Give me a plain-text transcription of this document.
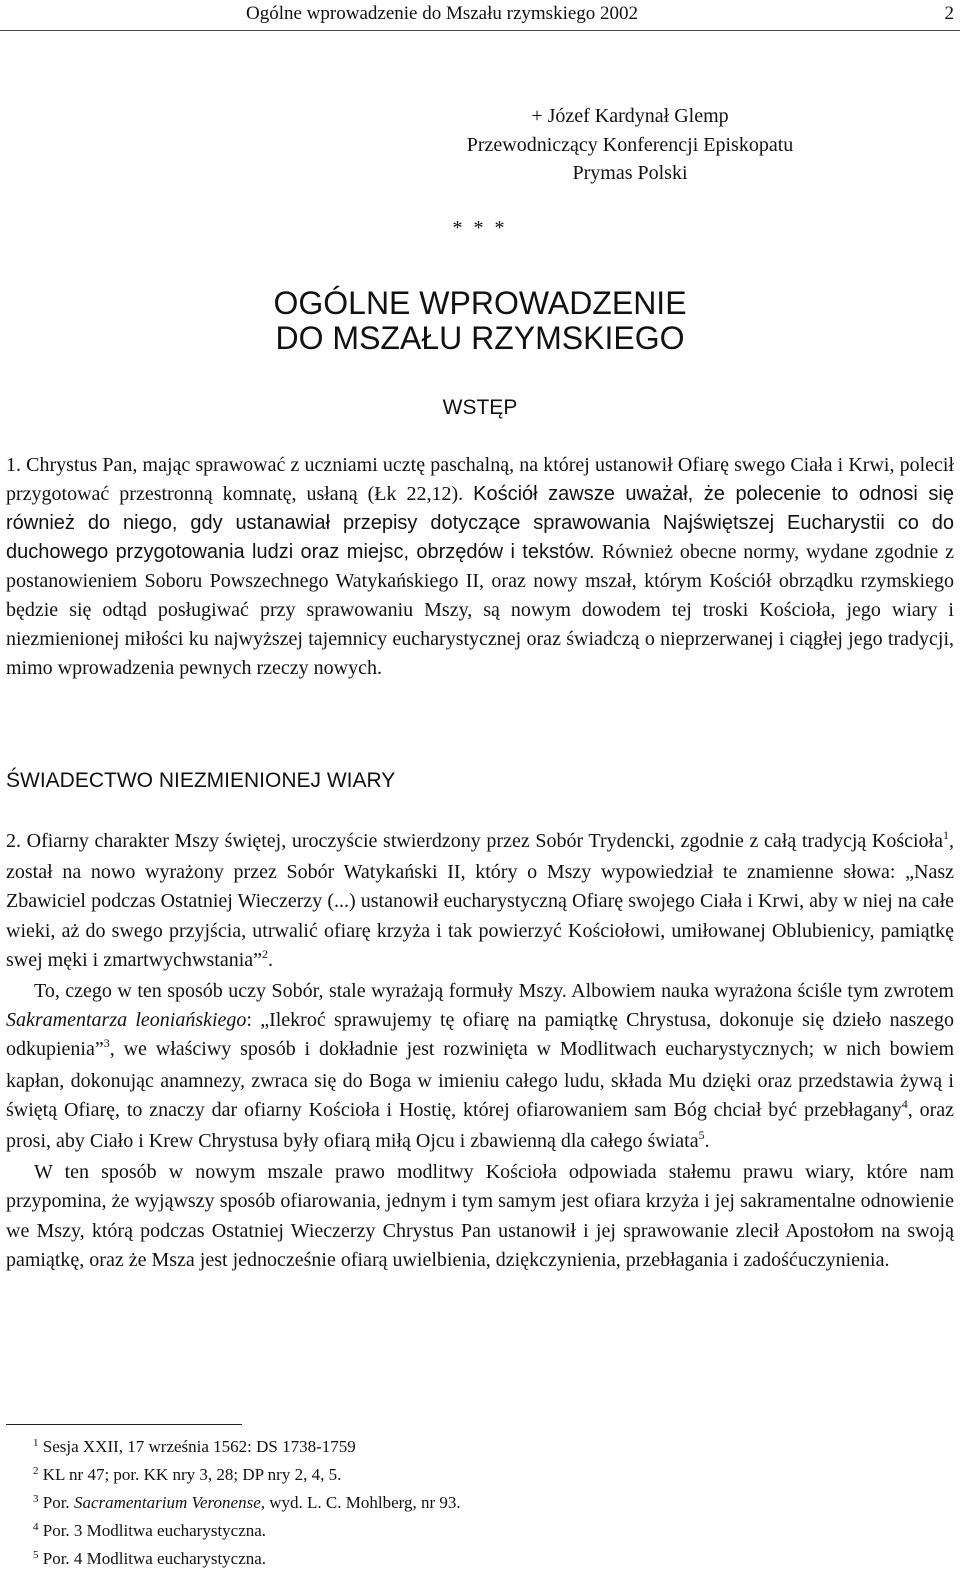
Ogólne wprowadzenie do Mszału rzymskiego 2002	2
+ Józef Kardynał Glemp
Przewodniczący Konferencji Episkopatu
Prymas Polski
* * *
OGÓLNE WPROWADZENIE
DO MSZAŁU RZYMSKIEGO
WSTĘP
1. Chrystus Pan, mając sprawować z uczniami ucztę paschalną, na której ustanowił Ofiarę swego Ciała i Krwi, polecił przygotować przestronną komnatę, usłaną (Łk 22,12). Kościół zawsze uważał, że polecenie to odnosi się również do niego, gdy ustanawiał przepisy dotyczące sprawowania Najświętszej Eucharystii co do duchowego przygotowania ludzi oraz miejsc, obrzędów i tekstów. Również obecne normy, wydane zgodnie z postanowieniem Soboru Powszechnego Watykańskiego II, oraz nowy mszał, którym Kościół obrządku rzymskiego będzie się odtąd posługiwać przy sprawowaniu Mszy, są nowym dowodem tej troski Kościoła, jego wiary i niezmienionej miłości ku najwyższej tajemnicy eucharystycznej oraz świadczą o nieprzerwanej i ciągłej jego tradycji, mimo wprowadzenia pewnych rzeczy nowych.
ŚWIADECTWO NIEZMIENIONEJ WIARY

2. Ofiarny charakter Mszy świętej, uroczyście stwierdzony przez Sobór Trydencki, zgodnie z całą tradycją Kościoła$^1$, został na nowo wyrażony przez Sobór Watykański II, który o Mszy wypowiedział te znamienne słowa: „Nasz Zbawiciel podczas Ostatniej Wieczerzy (...) ustanowił eucharystyczną Ofiarę swojego Ciała i Krwi, aby w niej na całe wieki, aż do swego przyjścia, utrwalić ofiarę krzyża i tak powierzyć Kościołowi, umiłowanej Oblubienicy, pamiątkę swej męki i zmartwychwstania”$^2$.

To, czego w ten sposób uczy Sobór, stale wyrażają formuły Mszy. Albowiem nauka wyrażona ściśle tym zwrotem Sakramentarza leoniańskiego: „Ilekroć sprawujemy tę ofiarę na pamiątkę Chrystusa, dokonuje się dzieło naszego odkupienia”$^3$, we właściwy sposób i dokładnie jest rozwinięta w Modlitwach eucharystycznych; w nich bowiem kapłan, dokonując anamnezy, zwraca się do Boga w imieniu całego ludu, składa Mu dzięki oraz przedstawia żywą i świętą Ofiarę, to znaczy dar ofiarny Kościoła i Hostię, której ofiarowaniem sam Bóg chciał być przebłagany$^4$, oraz prosi, aby Ciało i Krew Chrystusa były ofiarą miłą Ojcu i zbawienną dla całego świata$^5$.

W ten sposób w nowym mszale prawo modlitwy Kościoła odpowiada stałemu prawu wiary, które nam przypomina, że wyjąwszy sposób ofiarowania, jednym i tym samym jest ofiara krzyża i jej sakramentalne odnowienie we Mszy, którą podczas Ostatniej Wieczerzy Chrystus Pan ustanowił i jej sprawowanie zlecił Apostołom na swoją pamiątkę, oraz że Msza jest jednocześnie ofiarą uwielbienia, dziękczynienia, przebłagania i zadośćuczynienia.

$^1$ Sesja XXII, 17 września 1562: DS 1738-1759
$^2$ KL nr 47; por. KK nry 3, 28; DP nry 2, 4, 5.
$^3$ Por. Sacramentarium Veronense, wyd. L. C. Mohlberg, nr 93.
$^4$ Por. 3 Modlitwa eucharystyczna.
$^5$ Por. 4 Modlitwa eucharystyczna.
